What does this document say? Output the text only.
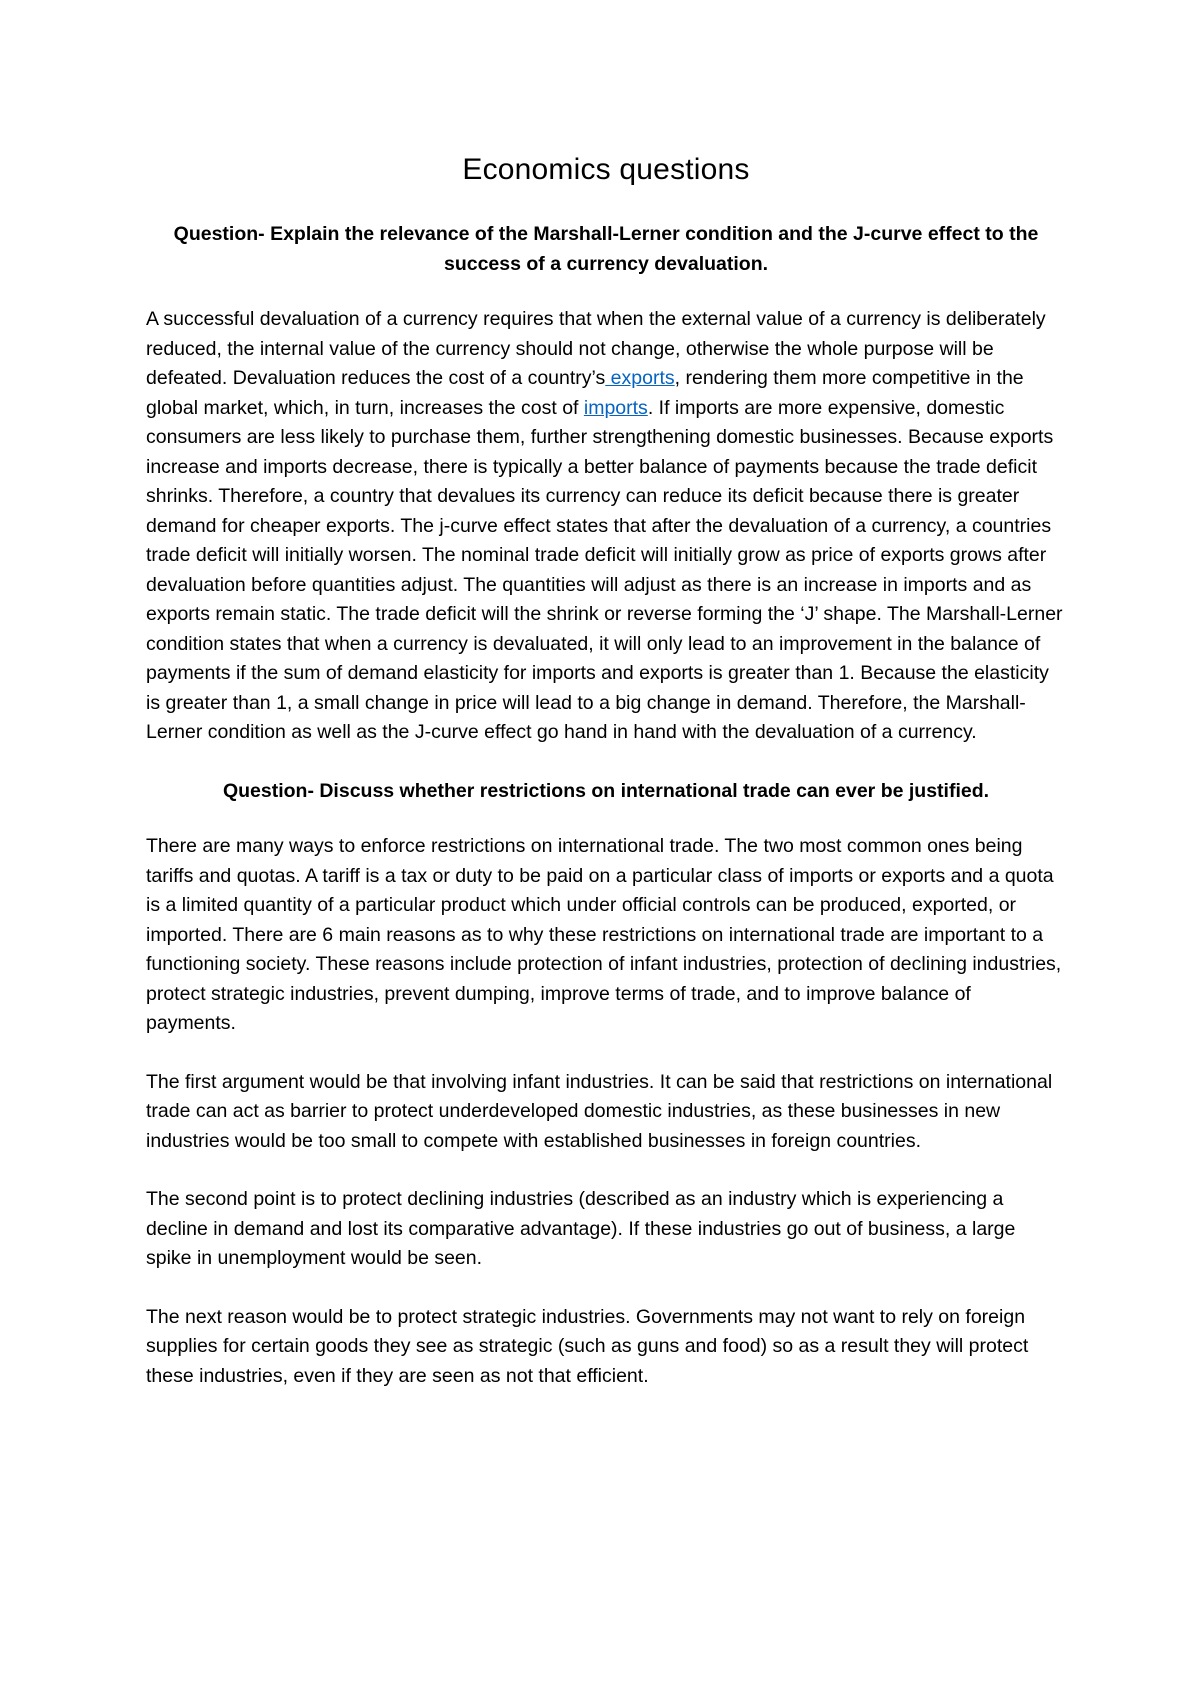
Economics questions

Question- Explain the relevance of the Marshall-Lerner condition and the J-curve effect to the success of a currency devaluation.

A successful devaluation of a currency requires that when the external value of a currency is deliberately reduced, the internal value of the currency should not change, otherwise the whole purpose will be defeated. Devaluation reduces the cost of a country’s exports, rendering them more competitive in the global market, which, in turn, increases the cost of imports. If imports are more expensive, domestic consumers are less likely to purchase them, further strengthening domestic businesses. Because exports increase and imports decrease, there is typically a better balance of payments because the trade deficit shrinks. Therefore, a country that devalues its currency can reduce its deficit because there is greater demand for cheaper exports. The j-curve effect states that after the devaluation of a currency, a countries trade deficit will initially worsen. The nominal trade deficit will initially grow as price of exports grows after devaluation before quantities adjust. The quantities will adjust as there is an increase in imports and as exports remain static. The trade deficit will the shrink or reverse forming the ‘J’ shape. The Marshall-Lerner condition states that when a currency is devaluated, it will only lead to an improvement in the balance of payments if the sum of demand elasticity for imports and exports is greater than 1. Because the elasticity is greater than 1, a small change in price will lead to a big change in demand. Therefore, the Marshall-Lerner condition as well as the J-curve effect go hand in hand with the devaluation of a currency.

Question- Discuss whether restrictions on international trade can ever be justified.

There are many ways to enforce restrictions on international trade. The two most common ones being tariffs and quotas. A tariff is a tax or duty to be paid on a particular class of imports or exports and a quota is a limited quantity of a particular product which under official controls can be produced, exported, or imported. There are 6 main reasons as to why these restrictions on international trade are important to a functioning society. These reasons include protection of infant industries, protection of declining industries, protect strategic industries, prevent dumping, improve terms of trade, and to improve balance of payments.

The first argument would be that involving infant industries. It can be said that restrictions on international trade can act as barrier to protect underdeveloped domestic industries, as these businesses in new industries would be too small to compete with established businesses in foreign countries.

The second point is to protect declining industries (described as an industry which is experiencing a decline in demand and lost its comparative advantage). If these industries go out of business, a large spike in unemployment would be seen.

The next reason would be to protect strategic industries. Governments may not want to rely on foreign supplies for certain goods they see as strategic (such as guns and food) so as a result they will protect these industries, even if they are seen as not that efficient.
